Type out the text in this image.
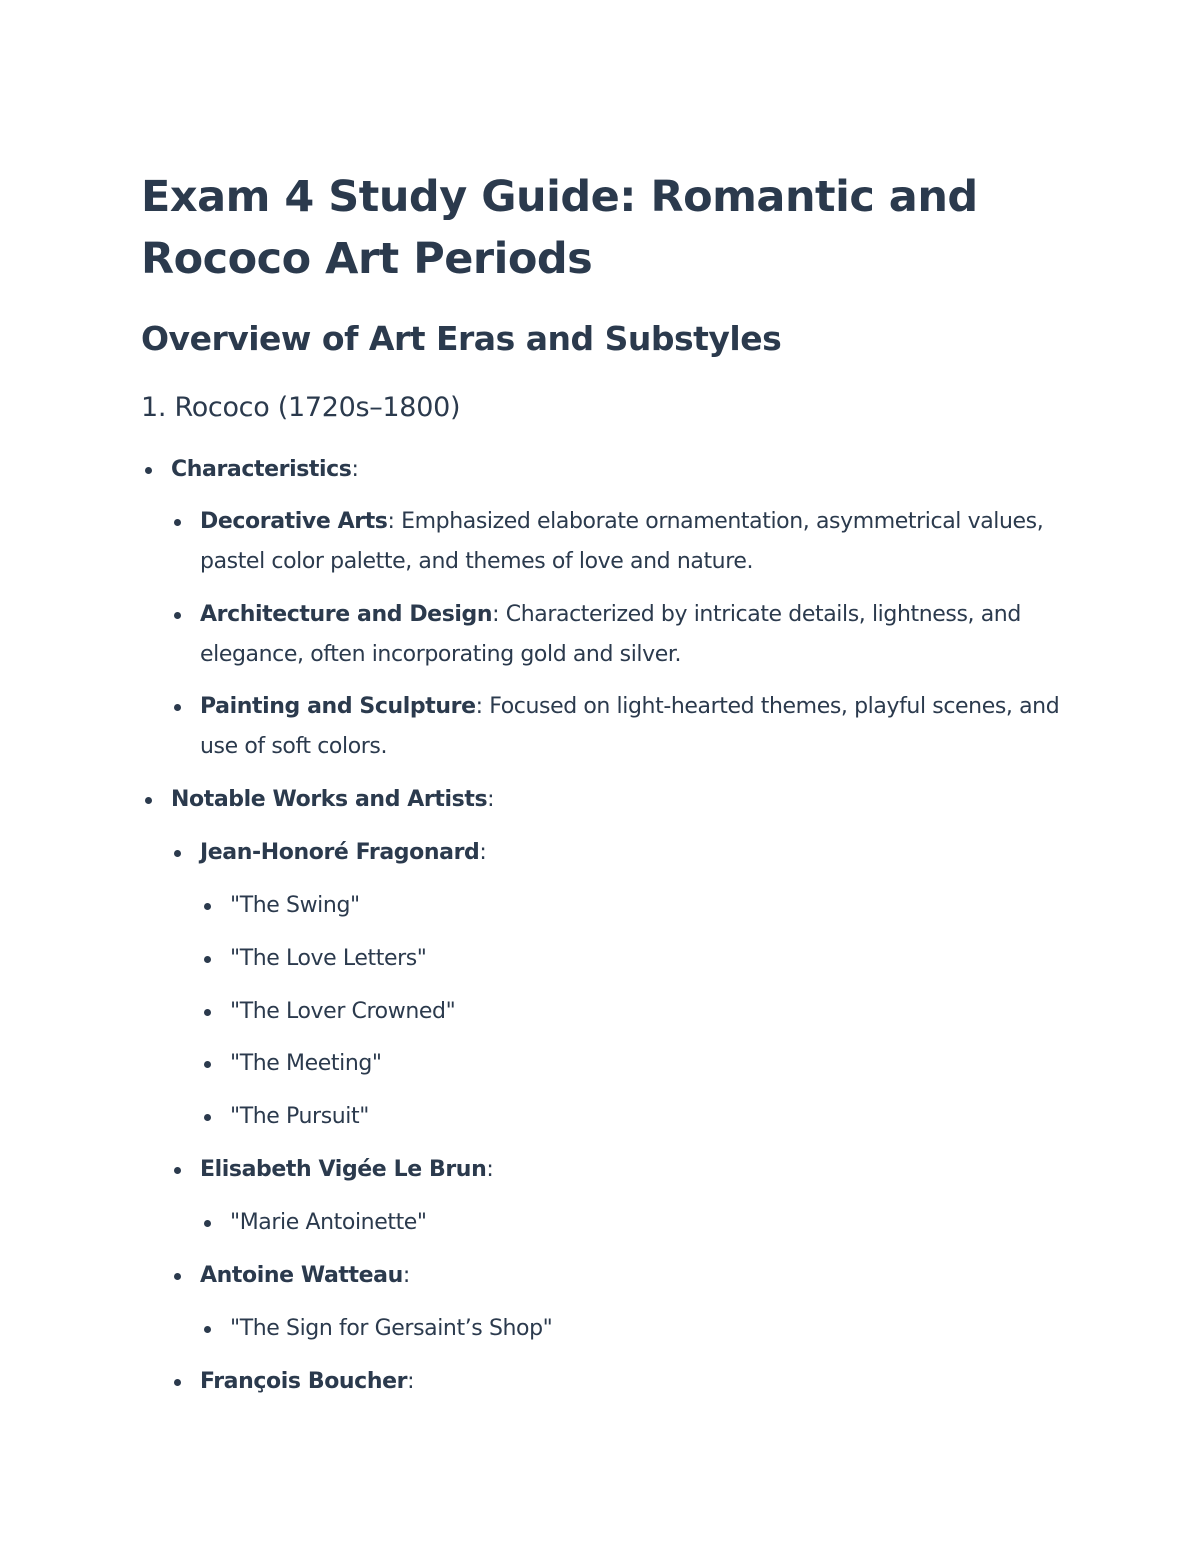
Exam 4 Study Guide: Romantic and Rococo Art Periods
Overview of Art Eras and Substyles
1. Rococo (1720s–1800)
Characteristics:
Decorative Arts: Emphasized elaborate ornamentation, asymmetrical values, pastel color palette, and themes of love and nature.
Architecture and Design: Characterized by intricate details, lightness, and elegance, often incorporating gold and silver.
Painting and Sculpture: Focused on light-hearted themes, playful scenes, and use of soft colors.
Notable Works and Artists:
Jean-Honoré Fragonard:
"The Swing"
"The Love Letters"
"The Lover Crowned"
"The Meeting"
"The Pursuit"
Elisabeth Vigée Le Brun:
"Marie Antoinette"
Antoine Watteau:
"The Sign for Gersaint’s Shop"
François Boucher:
